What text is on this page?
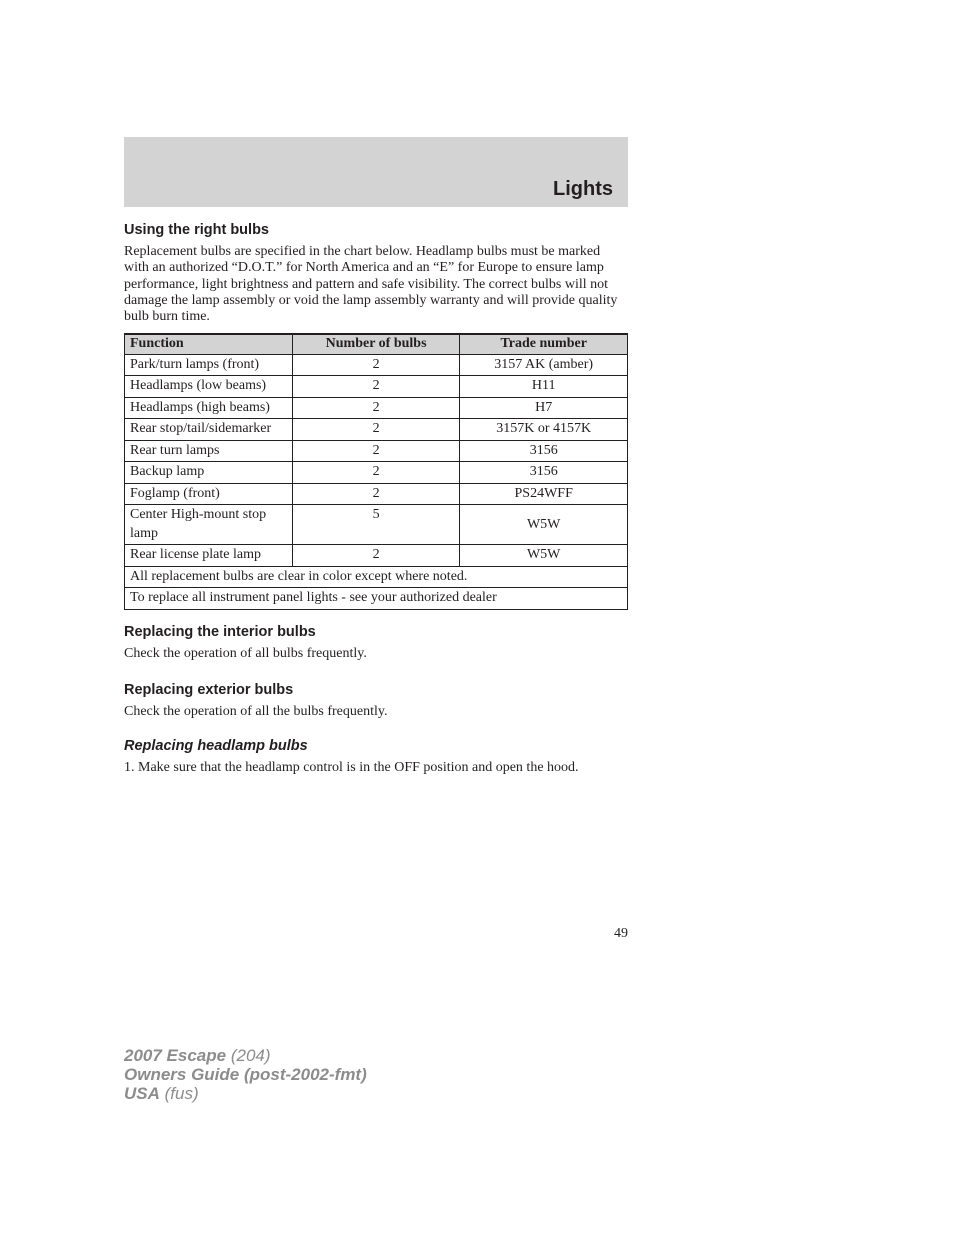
Lights
Using the right bulbs

Replacement bulbs are specified in the chart below. Headlamp bulbs must be marked with an authorized “D.O.T.” for North America and an “E” for Europe to ensure lamp performance, light brightness and pattern and safe visibility. The correct bulbs will not damage the lamp assembly or void the lamp assembly warranty and will provide quality bulb burn time.

Function	Number of bulbs	Trade number
Park/turn lamps (front)	2	3157 AK (amber)
Headlamps (low beams)	2	H11
Headlamps (high beams)	2	H7
Rear stop/tail/sidemarker	2	3157K or 4157K
Rear turn lamps	2	3156
Backup lamp	2	3156
Foglamp (front)	2	PS24WFF
Center High-mount stop lamp	5	W5W
Rear license plate lamp	2	W5W
All replacement bulbs are clear in color except where noted.		
To replace all instrument panel lights - see your authorized dealer		
Replacing the interior bulbs

Check the operation of all bulbs frequently.

Replacing exterior bulbs

Check the operation of all the bulbs frequently.

Replacing headlamp bulbs

1. Make sure that the headlamp control is in the OFF position and open the hood.

49
2007 Escape (204)
Owners Guide (post-2002-fmt)
USA (fus)
